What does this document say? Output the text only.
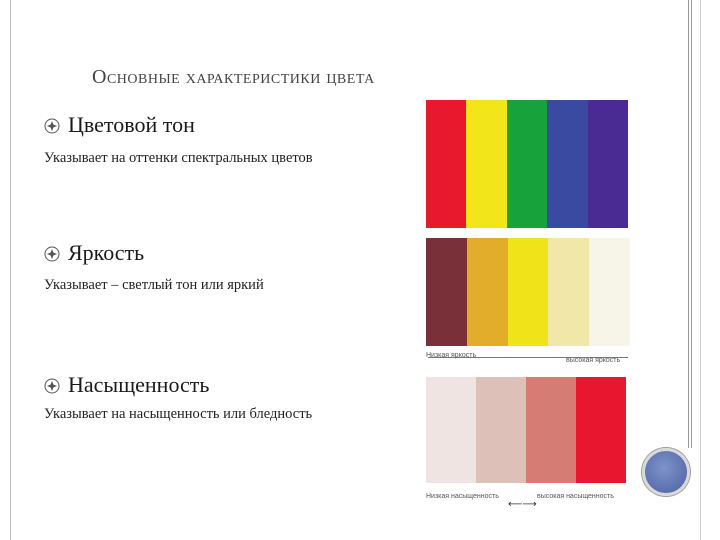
Основные характеристики цвета
Цветовой тон
Указывает на оттенки спектральных цветов
Яркость
Указывает – светлый тон или яркий
Низкая яркость
высокая яркость
Насыщенность
Указывает на насыщенность или бледность
Низкая насыщенность	высокая насыщенность
⟵⟶
